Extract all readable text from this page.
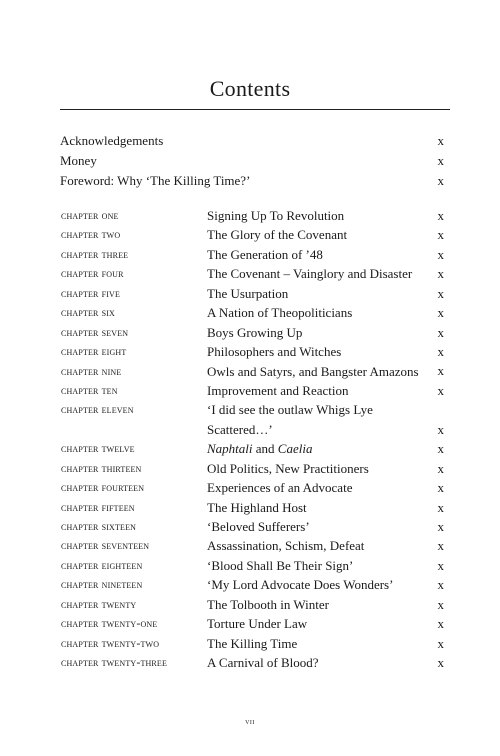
Contents
Acknowledgements	x
Money	x
Foreword: Why ‘The Killing Time?’	x
chapter one	Signing Up To Revolution	x
chapter two	The Glory of the Covenant	x
chapter three	The Generation of ’48	x
chapter four	The Covenant – Vainglory and Disaster	x
chapter five	The Usurpation	x
chapter six	A Nation of Theopoliticians	x
chapter seven	Boys Growing Up	x
chapter eight	Philosophers and Witches	x
chapter nine	Owls and Satyrs, and Bangster Amazons	x
chapter ten	Improvement and Reaction	x
chapter eleven	‘I did see the outlaw Whigs Lye
Scattered…’	x
chapter twelve	Naphtali and Caelia	x
chapter thirteen	Old Politics, New Practitioners	x
chapter fourteen	Experiences of an Advocate	x
chapter fifteen	The Highland Host	x
chapter sixteen	‘Beloved Sufferers’	x
chapter seventeen	Assassination, Schism, Defeat	x
chapter eighteen	‘Blood Shall Be Their Sign’	x
chapter nineteen	‘My Lord Advocate Does Wonders’	x
chapter twenty	The Tolbooth in Winter	x
chapter twenty-one	Torture Under Law	x
chapter twenty-two	The Killing Time	x
chapter twenty-three	A Carnival of Blood?	x
vii
